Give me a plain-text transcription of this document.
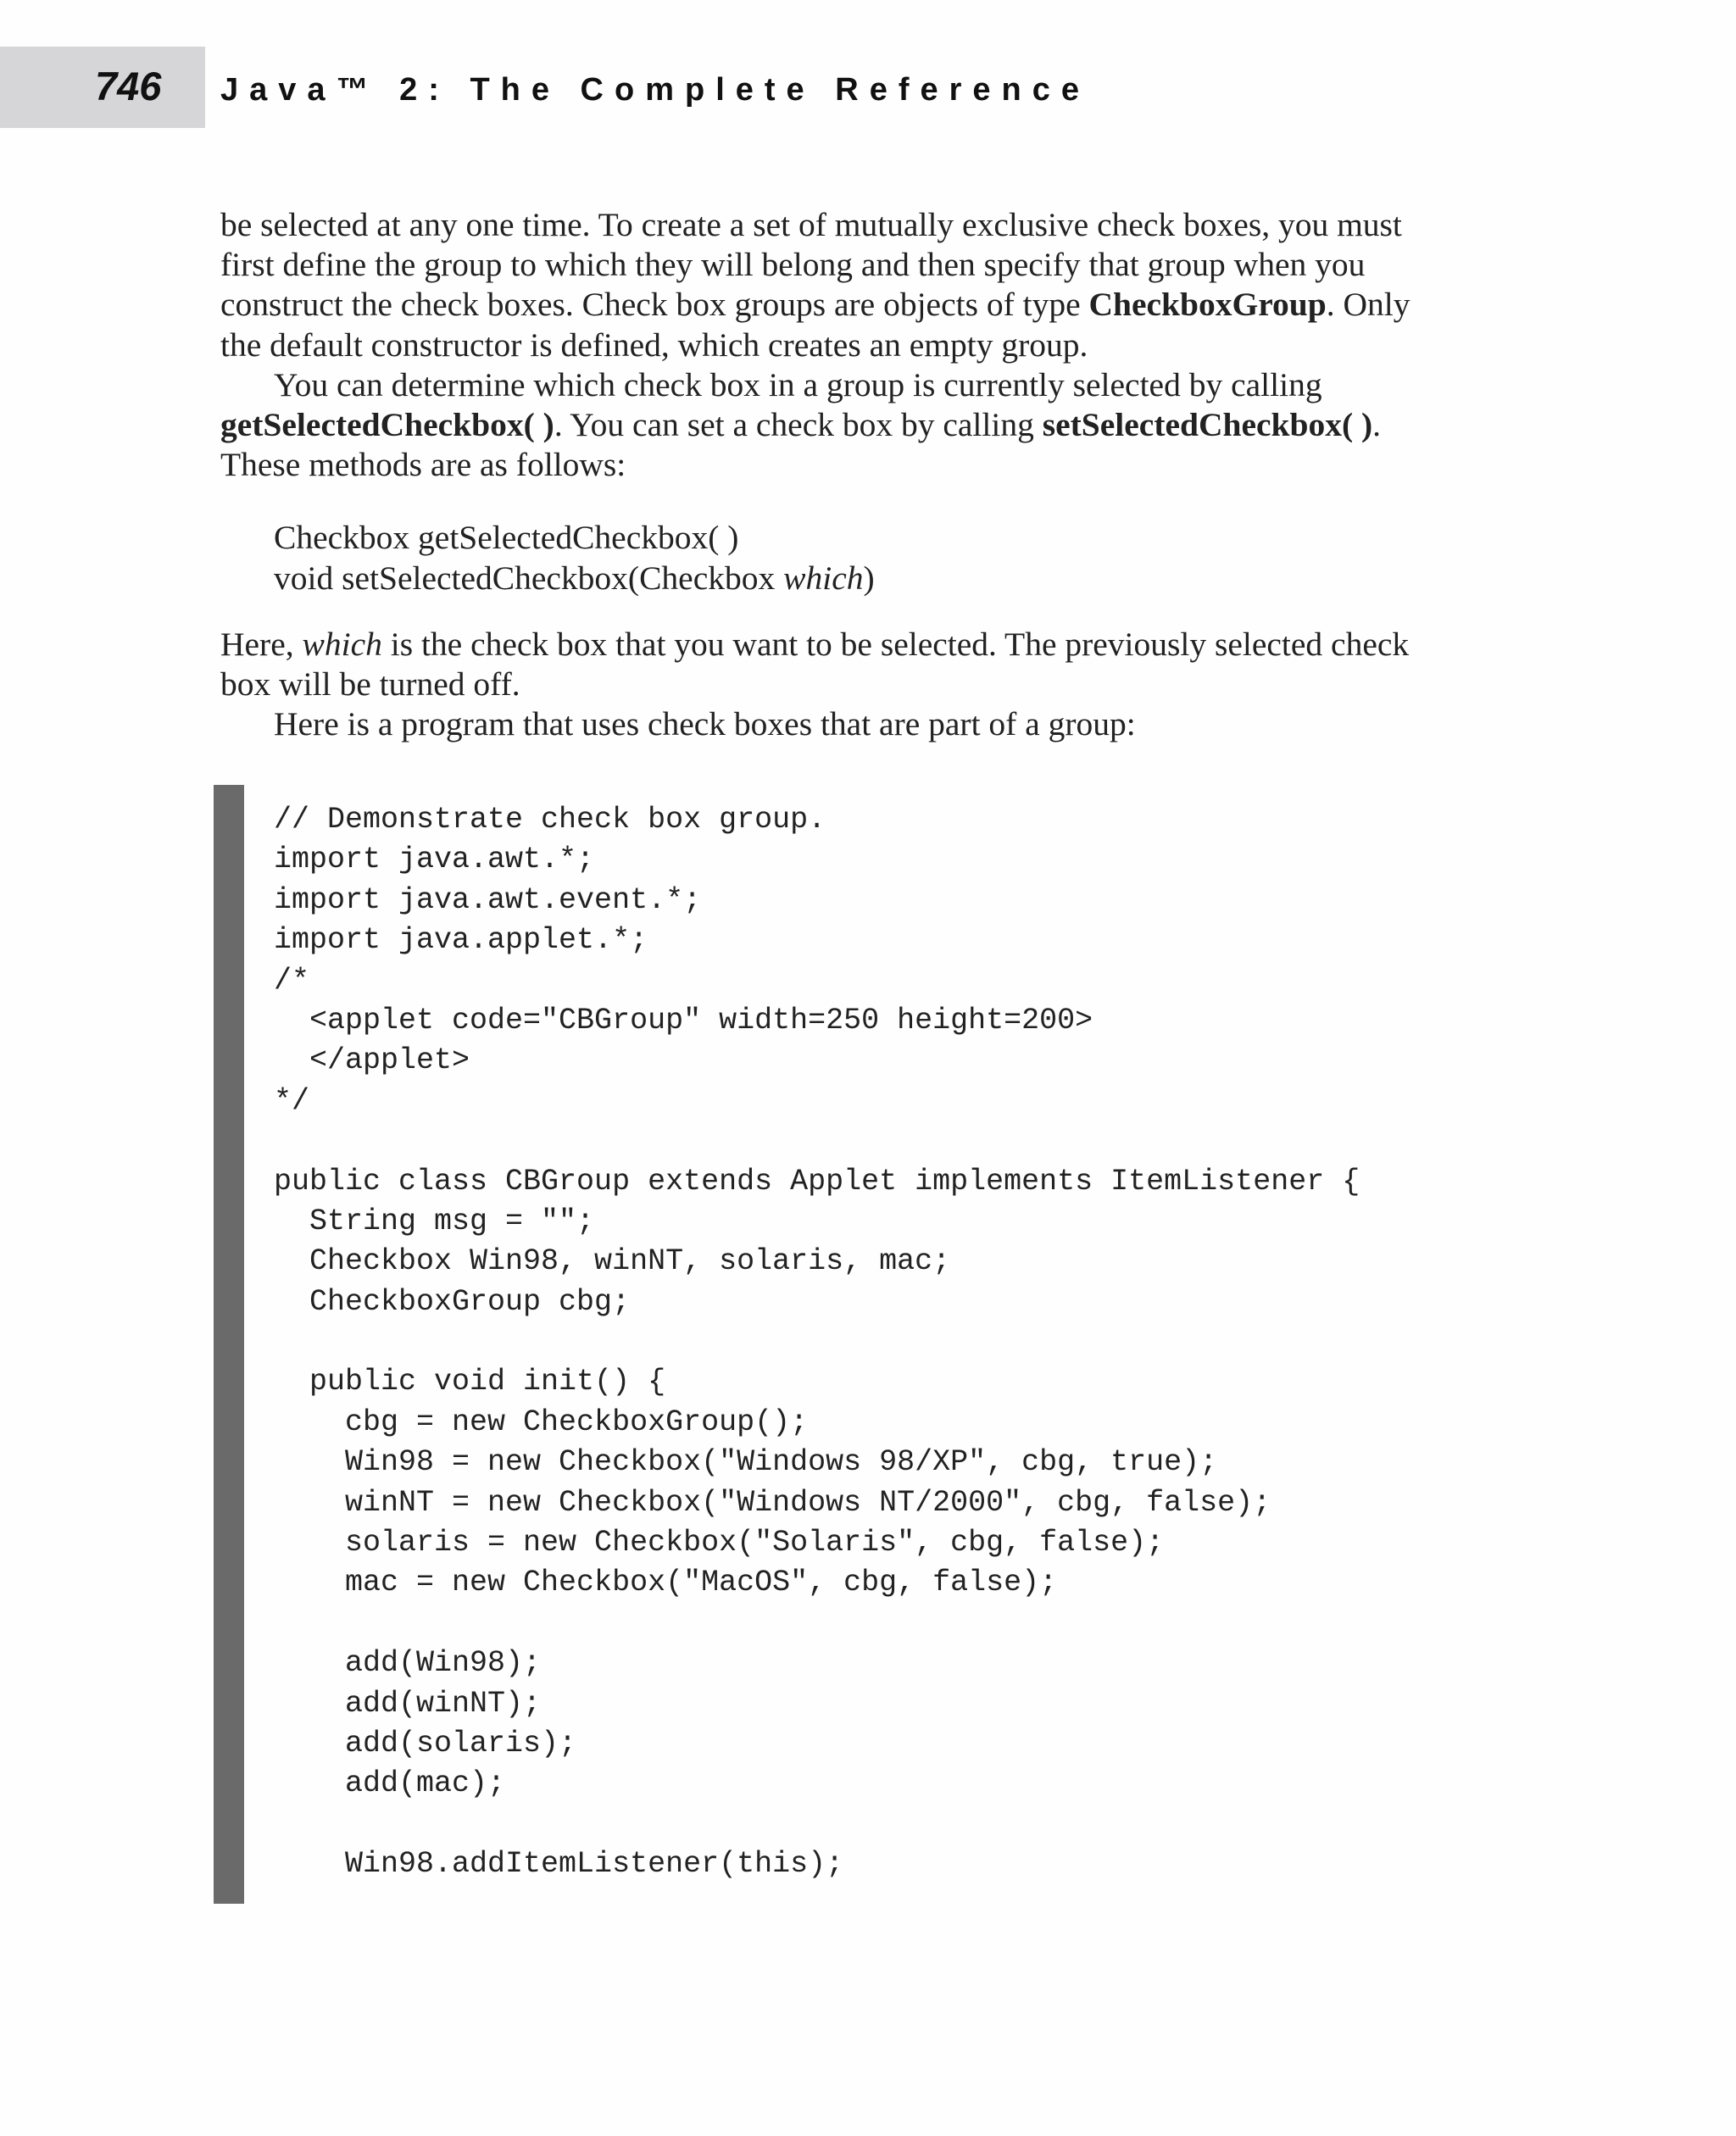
746 Java™ 2: The Complete Reference
be selected at any one time. To create a set of mutually exclusive check boxes, you must
first define the group to which they will belong and then specify that group when you
construct the check boxes. Check box groups are objects of type CheckboxGroup. Only
the default constructor is defined, which creates an empty group.
You can determine which check box in a group is currently selected by calling
getSelectedCheckbox( ). You can set a check box by calling setSelectedCheckbox( ).
These methods are as follows:
Checkbox getSelectedCheckbox( )
void setSelectedCheckbox(Checkbox which)
Here, which is the check box that you want to be selected. The previously selected check
box will be turned off.
Here is a program that uses check boxes that are part of a group:
// Demonstrate check box group.
import java.awt.*;
import java.awt.event.*;
import java.applet.*;
/*
<applet code="CBGroup" width=250 height=200>
</applet>
*/
public class CBGroup extends Applet implements ItemListener {
String msg = "";
Checkbox Win98, winNT, solaris, mac;
CheckboxGroup cbg;
public void init() {
cbg = new CheckboxGroup();
Win98 = new Checkbox("Windows 98/XP", cbg, true);
winNT = new Checkbox("Windows NT/2000", cbg, false);
solaris = new Checkbox("Solaris", cbg, false);
mac = new Checkbox("MacOS", cbg, false);
add(Win98);
add(winNT);
add(solaris);
add(mac);
Win98.addItemListener(this);
